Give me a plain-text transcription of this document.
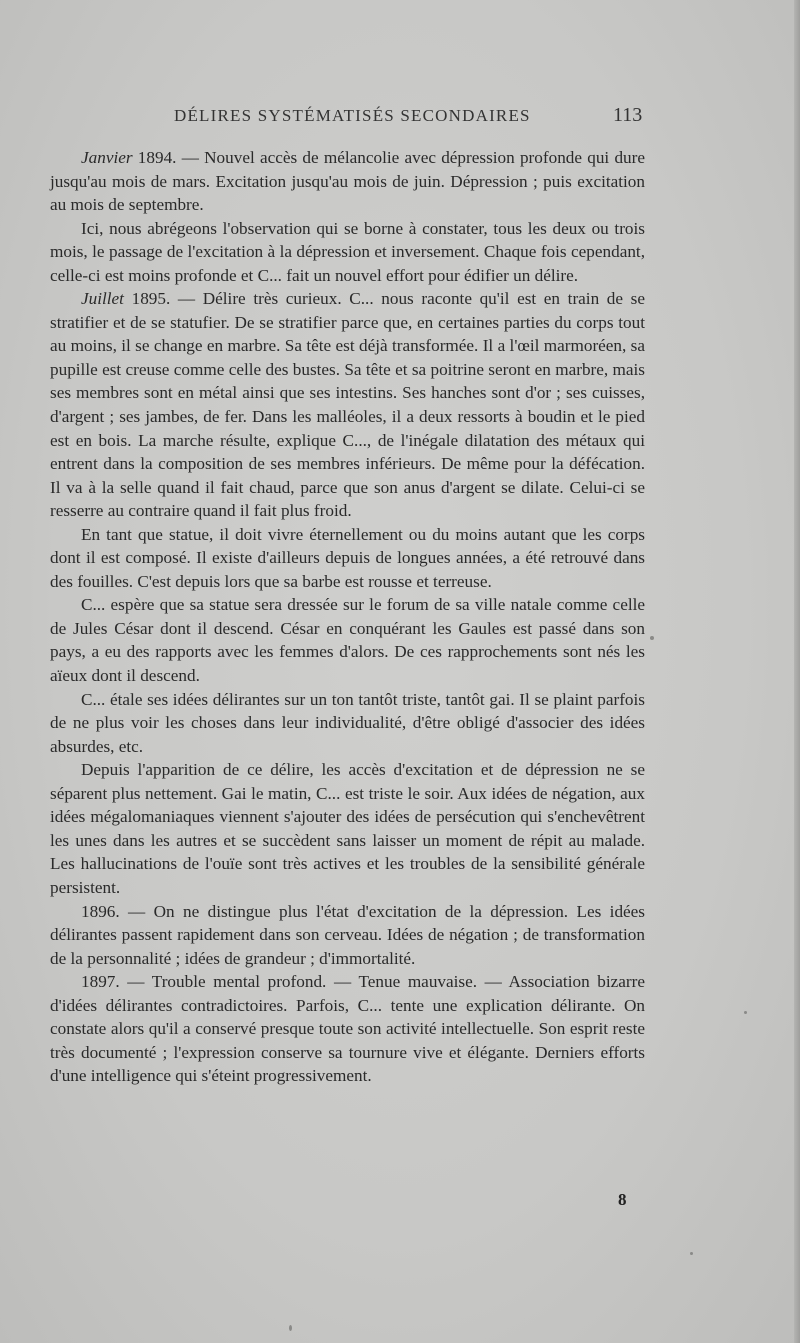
DÉLIRES SYSTÉMATISÉS SECONDAIRES	113

Janvier 1894. — Nouvel accès de mélancolie avec dépression profonde qui dure jusqu'au mois de mars. Excitation jusqu'au mois de juin. Dépression ; puis excitation au mois de septembre.

Ici, nous abrégeons l'observation qui se borne à constater, tous les deux ou trois mois, le passage de l'excitation à la dépression et inversement. Chaque fois cependant, celle-ci est moins profonde et C... fait un nouvel effort pour édifier un délire.

Juillet 1895. — Délire très curieux. C... nous raconte qu'il est en train de se stratifier et de se statufier. De se stratifier parce que, en certaines parties du corps tout au moins, il se change en marbre. Sa tête est déjà transformée. Il a l'œil marmoréen, sa pupille est creuse comme celle des bustes. Sa tête et sa poitrine seront en marbre, mais ses membres sont en métal ainsi que ses intestins. Ses hanches sont d'or ; ses cuisses, d'argent ; ses jambes, de fer. Dans les malléoles, il a deux ressorts à boudin et le pied est en bois. La marche résulte, explique C..., de l'inégale dilatation des métaux qui entrent dans la composition de ses membres inférieurs. De même pour la défécation. Il va à la selle quand il fait chaud, parce que son anus d'argent se dilate. Celui-ci se resserre au contraire quand il fait plus froid.

En tant que statue, il doit vivre éternellement ou du moins autant que les corps dont il est composé. Il existe d'ailleurs depuis de longues années, a été retrouvé dans des fouilles. C'est depuis lors que sa barbe est rousse et terreuse.

C... espère que sa statue sera dressée sur le forum de sa ville natale comme celle de Jules César dont il descend. César en conquérant les Gaules est passé dans son pays, a eu des rapports avec les femmes d'alors. De ces rapprochements sont nés les aïeux dont il descend.

C... étale ses idées délirantes sur un ton tantôt triste, tantôt gai. Il se plaint parfois de ne plus voir les choses dans leur individualité, d'être obligé d'associer des idées absurdes, etc.

Depuis l'apparition de ce délire, les accès d'excitation et de dépression ne se séparent plus nettement. Gai le matin, C... est triste le soir. Aux idées de négation, aux idées mégalomaniaques viennent s'ajouter des idées de persécution qui s'enchevêtrent les unes dans les autres et se succèdent sans laisser un moment de répit au malade. Les hallucinations de l'ouïe sont très actives et les troubles de la sensibilité générale persistent.

1896. — On ne distingue plus l'état d'excitation de la dépression. Les idées délirantes passent rapidement dans son cerveau. Idées de négation ; de transformation de la personnalité ; idées de grandeur ; d'immortalité.

1897. — Trouble mental profond. — Tenue mauvaise. — Association bizarre d'idées délirantes contradictoires. Parfois, C... tente une explication délirante. On constate alors qu'il a conservé presque toute son activité intellectuelle. Son esprit reste très documenté ; l'expression conserve sa tournure vive et élégante. Derniers efforts d'une intelligence qui s'éteint progressivement.

8
